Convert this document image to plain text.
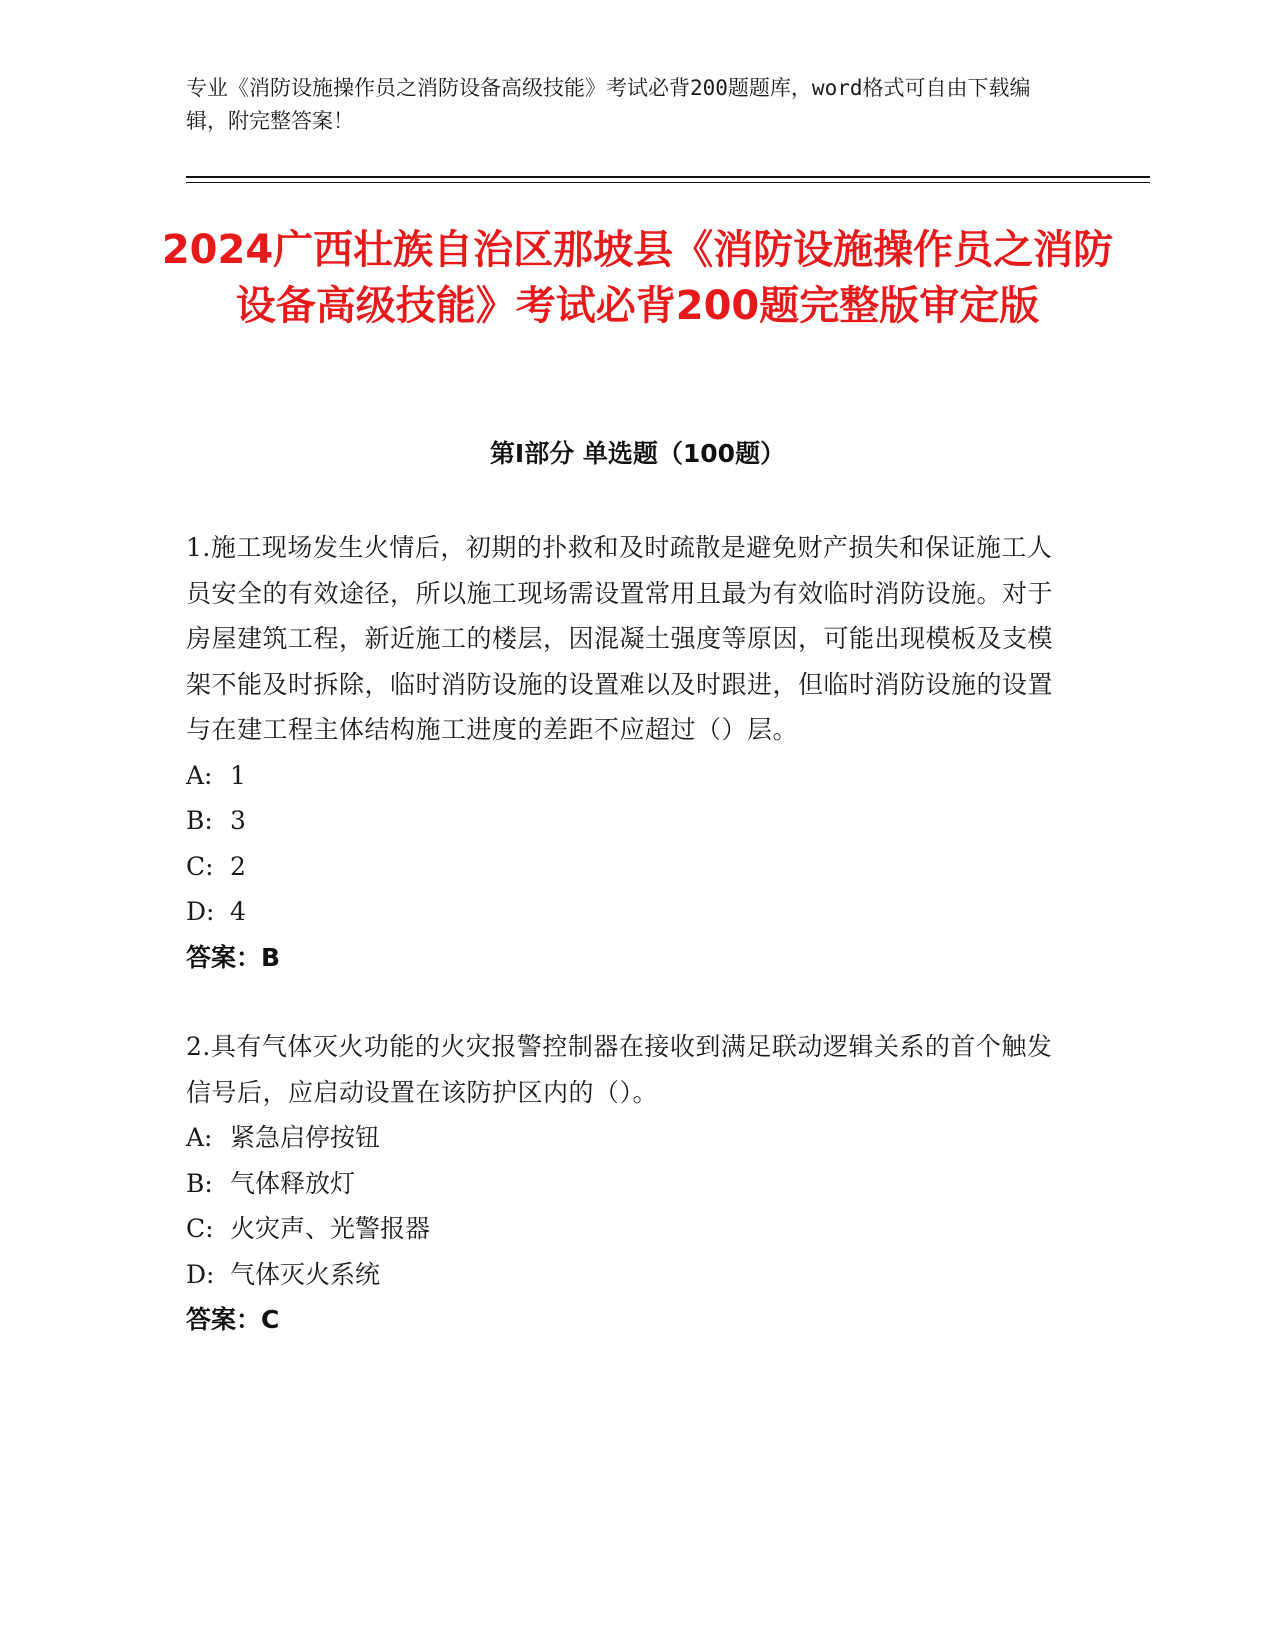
专业《消防设施操作员之消防设备高级技能》考试必背200题题库，word格式可自由下载编辑，附完整答案！
2024广西壮族自治区那坡县《消防设施操作员之消防设备高级技能》考试必背200题完整版审定版
第I部分 单选题（100题）
1.施工现场发生火情后，初期的扑救和及时疏散是避免财产损失和保证施工人员安全的有效途径，所以施工现场需设置常用且最为有效临时消防设施。对于房屋建筑工程，新近施工的楼层，因混凝土强度等原因，可能出现模板及支模架不能及时拆除，临时消防设施的设置难以及时跟进，但临时消防设施的设置与在建工程主体结构施工进度的差距不应超过（）层。
A: 1
B: 3
C: 2
D: 4
答案：B
2.具有气体灭火功能的火灾报警控制器在接收到满足联动逻辑关系的首个触发信号后，应启动设置在该防护区内的（）。
A: 紧急启停按钮
B: 气体释放灯
C: 火灾声、光警报器
D: 气体灭火系统
答案：C
